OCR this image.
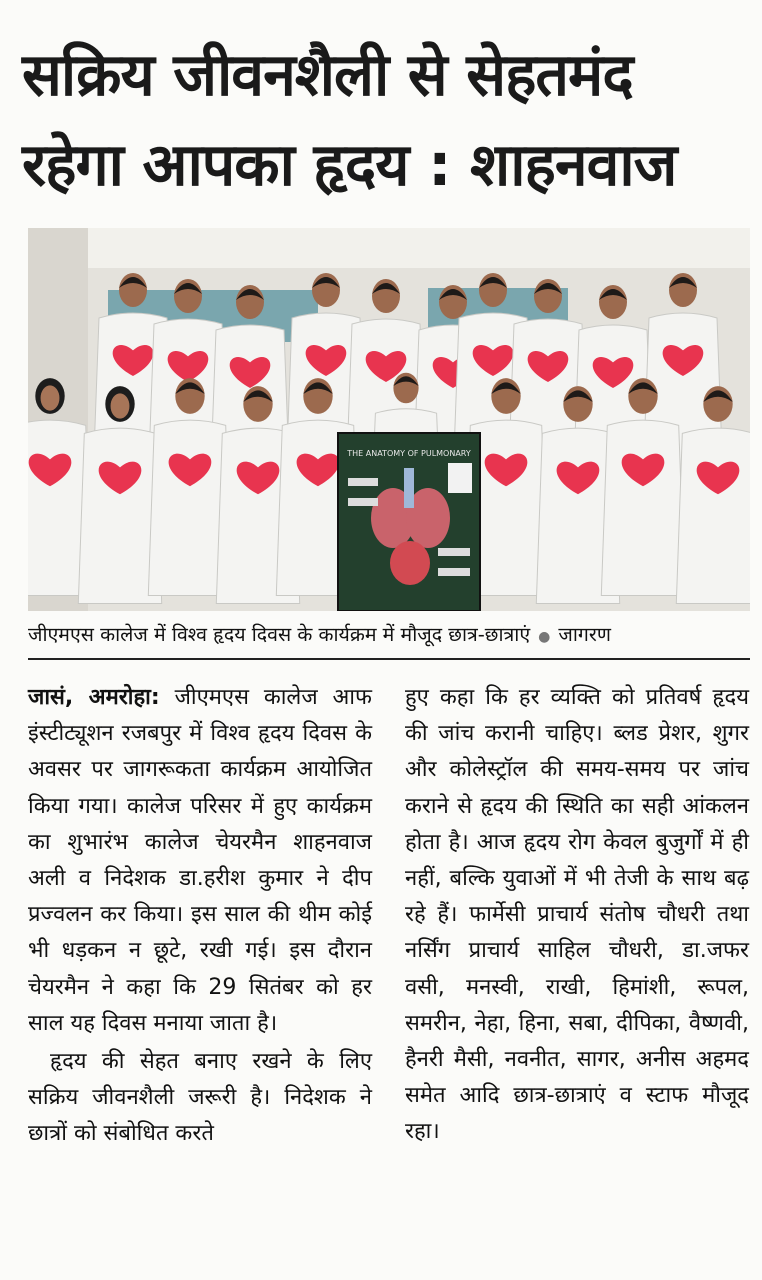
सक्रिय जीवनशैली से सेहतमंद
रहेगा आपका हृदय : शाहनवाज
THE ANATOMY OF PULMONARY
जीएमएस कालेज में विश्व हृदय दिवस के कार्यक्रम में मौजूद छात्र-छात्राएं ● जागरण

जासं, अमरोहा: जीएमएस कालेज आफ इंस्टीट्यूशन रजबपुर में विश्व हृदय दिवस के अवसर पर जागरूकता कार्यक्रम आयोजित किया गया। कालेज परिसर में हुए कार्यक्रम का शुभारंभ कालेज चेयरमैन शाहनवाज अली व निदेशक डा.हरीश कुमार ने दीप प्रज्वलन कर किया। इस साल की थीम कोई भी धड़कन न छूटे, रखी गई। इस दौरान चेयरमैन ने कहा कि 29 सितंबर को हर साल यह दिवस मनाया जाता है।

हृदय की सेहत बनाए रखने के लिए सक्रिय जीवनशैली जरूरी है। निदेशक ने छात्रों को संबोधित करते

हुए कहा कि हर व्यक्ति को प्रतिवर्ष हृदय की जांच करानी चाहिए। ब्लड प्रेशर, शुगर और कोलेस्ट्रॉल की समय-समय पर जांच कराने से हृदय की स्थिति का सही आंकलन होता है। आज हृदय रोग केवल बुजुर्गों में ही नहीं, बल्कि युवाओं में भी तेजी के साथ बढ़ रहे हैं। फार्मेसी प्राचार्य संतोष चौधरी तथा नर्सिंग प्राचार्य साहिल चौधरी, डा.जफर वसी, मनस्वी, राखी, हिमांशी, रूपल, समरीन, नेहा, हिना, सबा, दीपिका, वैष्णवी, हैनरी मैसी, नवनीत, सागर, अनीस अहमद समेत आदि छात्र-छात्राएं व स्टाफ मौजूद रहा।
